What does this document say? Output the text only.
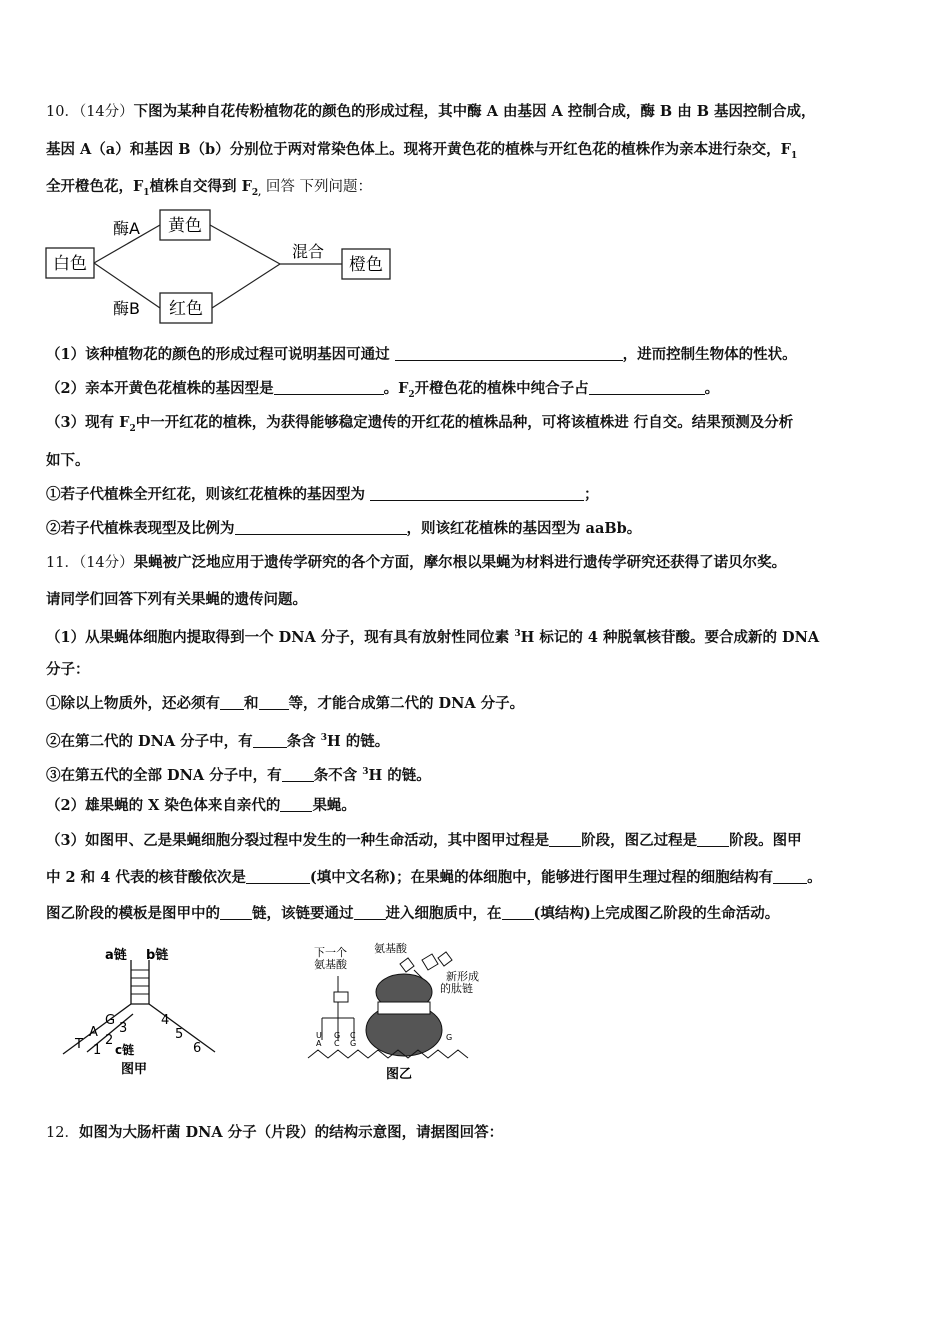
10．（14分）下图为某种自花传粉植物花的颜色的形成过程，其中酶 A 由基因 A 控制合成，酶 B 由 B 基因控制合成，
基因 A（a）和基因 B（b）分别位于两对常染色体上。现将开黄色花的植株与开红色花的植株作为亲本进行杂交，$F_1$
全开橙色花，$F_1$植株自交得到 $F_{2,}$ 回答 下列问题：
白色
黄色
红色
橙色
酶A
酶B
混合
（1）该种植物花的颜色的形成过程可说明基因可通过	，进而控制生物体的性状。
（2）亲本开黄色花植株的基因型是	。$F_2$开橙色花的植株中纯合子占	。
（3）现有 $F_2$中一开红花的植株，为获得能够稳定遗传的开红花的植株品种，可将该植株进 行自交。结果预测及分析
如下。
①若子代植株全开红花，则该红花植株的基因型为	；
②若子代植株表现型及比例为	，则该红花植株的基因型为 aaBb。
11．（14分）果蝇被广泛地应用于遗传学研究的各个方面，摩尔根以果蝇为材料进行遗传学研究还获得了诺贝尔奖。
请同学们回答下列有关果蝇的遗传问题。
（1）从果蝇体细胞内提取得到一个 DNA 分子，现有具有放射性同位素 $^3$H 标记的 4 种脱氧核苷酸。要合成新的 DNA
分子：
①除以上物质外，还必须有 和 等，才能合成第二代的 DNA 分子。
②在第二代的 DNA 分子中，有 条含 $^3$H 的链。
③在第五代的全部 DNA 分子中，有 条不含 $^3$H 的链。
（2）雄果蝇的 X 染色体来自亲代的 果蝇。
（3）如图甲、乙是果蝇细胞分裂过程中发生的一种生命活动，其中图甲过程是 阶段，图乙过程是 阶段。图甲
中 2 和 4 代表的核苷酸依次是	(填中文名称)；在果蝇的体细胞中，能够进行图甲生理过程的细胞结构有 。
图乙阶段的模板是图甲中的 链，该链要通过 进入细胞质中，在 (填结构)上完成图乙阶段的生命活动。
a链 b链
G
A
T
3
2
1
4
5
6
c链
图甲
下一个
氨基酸
氨基酸
新形成
的肽链
U
A
G
C
C
G
G
图乙
12．如图为大肠杆菌 DNA 分子（片段）的结构示意图，请据图回答：
